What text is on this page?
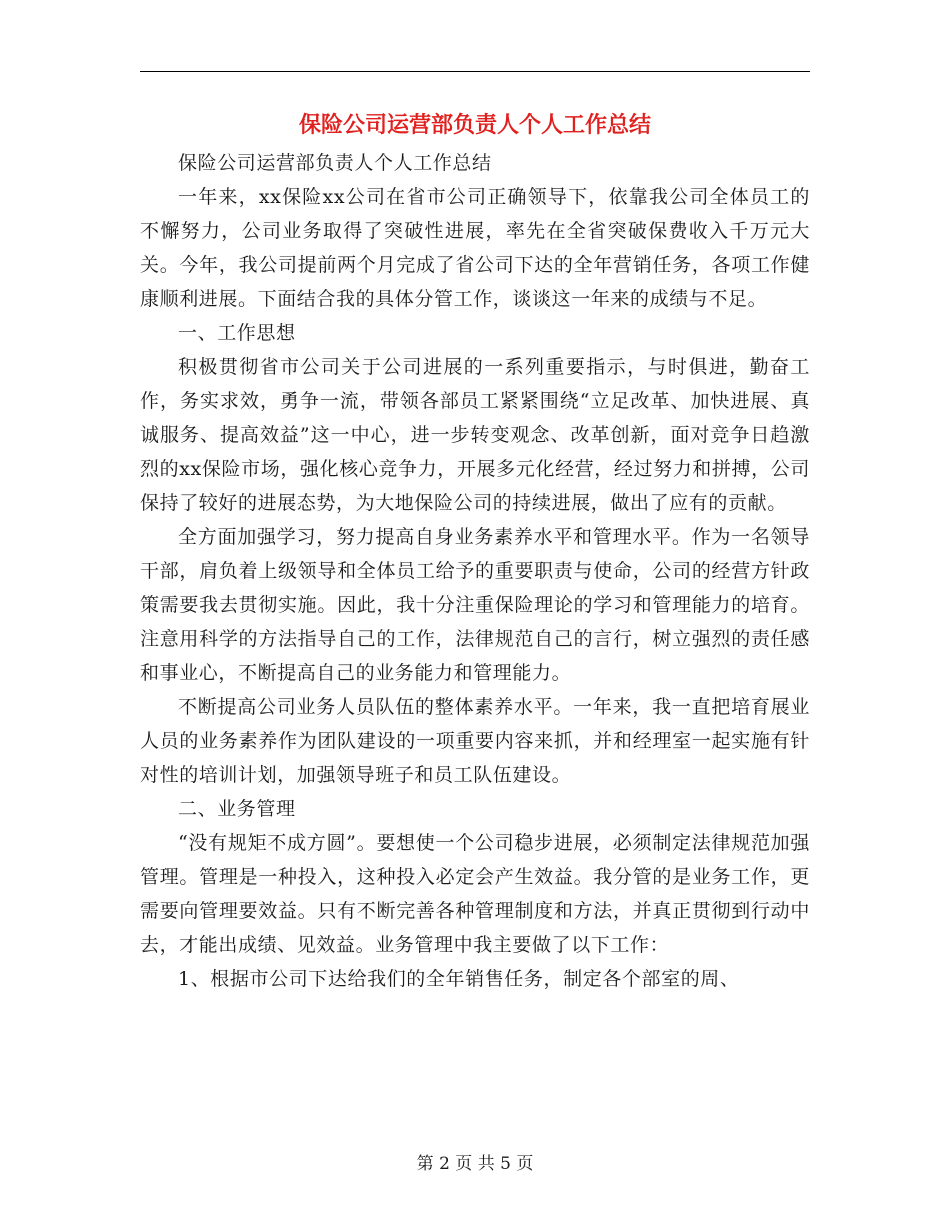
保险公司运营部负责人个人工作总结

保险公司运营部负责人个人工作总结

一年来，xx保险xx公司在省市公司正确领导下，依靠我公司全体员工的不懈努力，公司业务取得了突破性进展，率先在全省突破保费收入千万元大关。今年，我公司提前两个月完成了省公司下达的全年营销任务，各项工作健康顺利进展。下面结合我的具体分管工作，谈谈这一年来的成绩与不足。

一、工作思想

积极贯彻省市公司关于公司进展的一系列重要指示，与时俱进，勤奋工作，务实求效，勇争一流，带领各部员工紧紧围绕“立足改革、加快进展、真诚服务、提高效益”这一中心，进一步转变观念、改革创新，面对竞争日趋激烈的xx保险市场，强化核心竞争力，开展多元化经营，经过努力和拼搏，公司保持了较好的进展态势，为大地保险公司的持续进展，做出了应有的贡献。

全方面加强学习，努力提高自身业务素养水平和管理水平。作为一名领导干部，肩负着上级领导和全体员工给予的重要职责与使命，公司的经营方针政策需要我去贯彻实施。因此，我十分注重保险理论的学习和管理能力的培育。注意用科学的方法指导自己的工作，法律规范自己的言行，树立强烈的责任感和事业心，不断提高自己的业务能力和管理能力。

不断提高公司业务人员队伍的整体素养水平。一年来，我一直把培育展业人员的业务素养作为团队建设的一项重要内容来抓，并和经理室一起实施有针对性的培训计划，加强领导班子和员工队伍建设。

二、业务管理

“没有规矩不成方圆”。要想使一个公司稳步进展，必须制定法律规范加强管理。管理是一种投入，这种投入必定会产生效益。我分管的是业务工作，更需要向管理要效益。只有不断完善各种管理制度和方法，并真正贯彻到行动中去，才能出成绩、见效益。业务管理中我主要做了以下工作：

1、根据市公司下达给我们的全年销售任务，制定各个部室的周、

第 2 页 共 5 页
